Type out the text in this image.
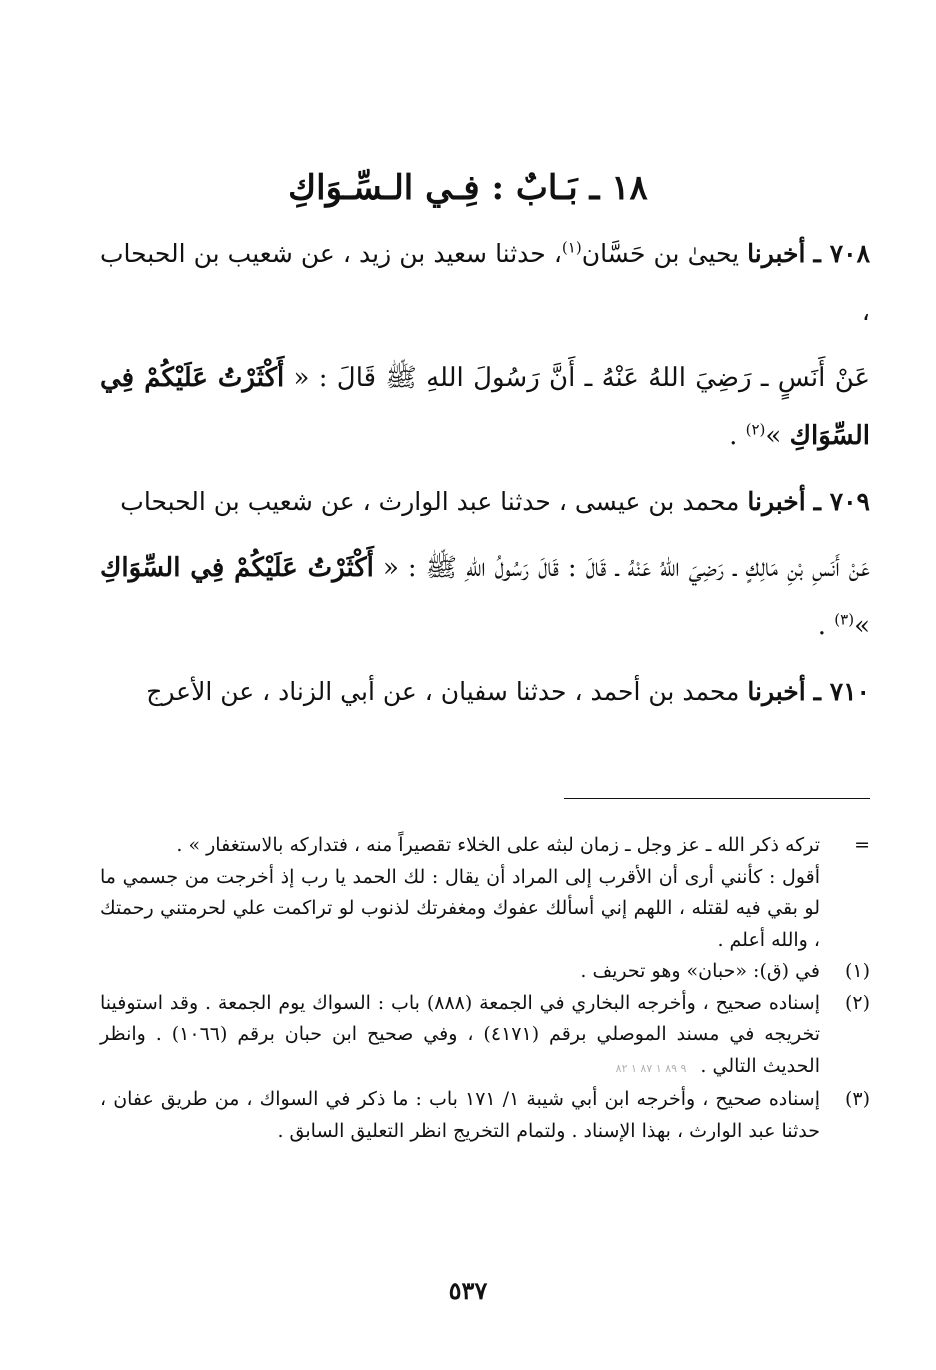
١٨ ـ بَـابٌ : فِـي الـسِّـوَاكِ

٧٠٨ ـ أخبرنا يحيىٰ بن حَسَّان$^{(١)}$، حدثنا سعيد بن زيد ، عن شعيب بن الحبحاب ،

عَنْ أَنَسٍ ـ رَضِيَ اللهُ عَنْهُ ـ أَنَّ رَسُولَ اللهِ ﷺ قَالَ : « أَكْثَرْتُ عَلَيْكُمْ فِي السِّوَاكِ »$^{(٢)}$ .

٧٠٩ ـ أخبرنا محمد بن عيسى ، حدثنا عبد الوارث ، عن شعيب بن الحبحاب

عَنْ أَنَسِ بْنِ مَالِكٍ ـ رَضِيَ اللهُ عَنْهُ ـ قَالَ : قَالَ رَسُولُ اللهِ ﷺ : « أَكْثَرْتُ عَلَيْكُمْ فِي السِّوَاكِ »$^{(٣)}$ .

٧١٠ ـ أخبرنا محمد بن أحمد ، حدثنا سفيان ، عن أبي الزناد ، عن الأعرج

=
تركه ذكر الله ـ عز وجل ـ زمان لبثه على الخلاء تقصيراً منه ، فتداركه بالاستغفار » .
أقول : كأنني أرى أن الأقرب إلى المراد أن يقال : لك الحمد يا رب إذ أخرجت من جسمي ما لو بقي فيه لقتله ، اللهم إني أسألك عفوك ومغفرتك لذنوب لو تراكمت علي لحرمتني رحمتك ، والله أعلم .
(١)
في (ق): «حبان» وهو تحريف .
(٢)
إسناده صحيح ، وأخرجه البخاري في الجمعة (٨٨٨) باب : السواك يوم الجمعة . وقد استوفينا تخريجه في مسند الموصلي برقم (٤١٧١) ، وفي صحيح ابن حبان برقم (١٠٦٦) . وانظر الحديث التالي .٩ ٨٩ ١ ٨٧ ١ ٨٢
(٣)
إسناده صحيح ، وأخرجه ابن أبي شيبة ١/ ١٧١ باب : ما ذكر في السواك ، من طريق عفان ، حدثنا عبد الوارث ، بهذا الإسناد . ولتمام التخريج انظر التعليق السابق .
٥٣٧
